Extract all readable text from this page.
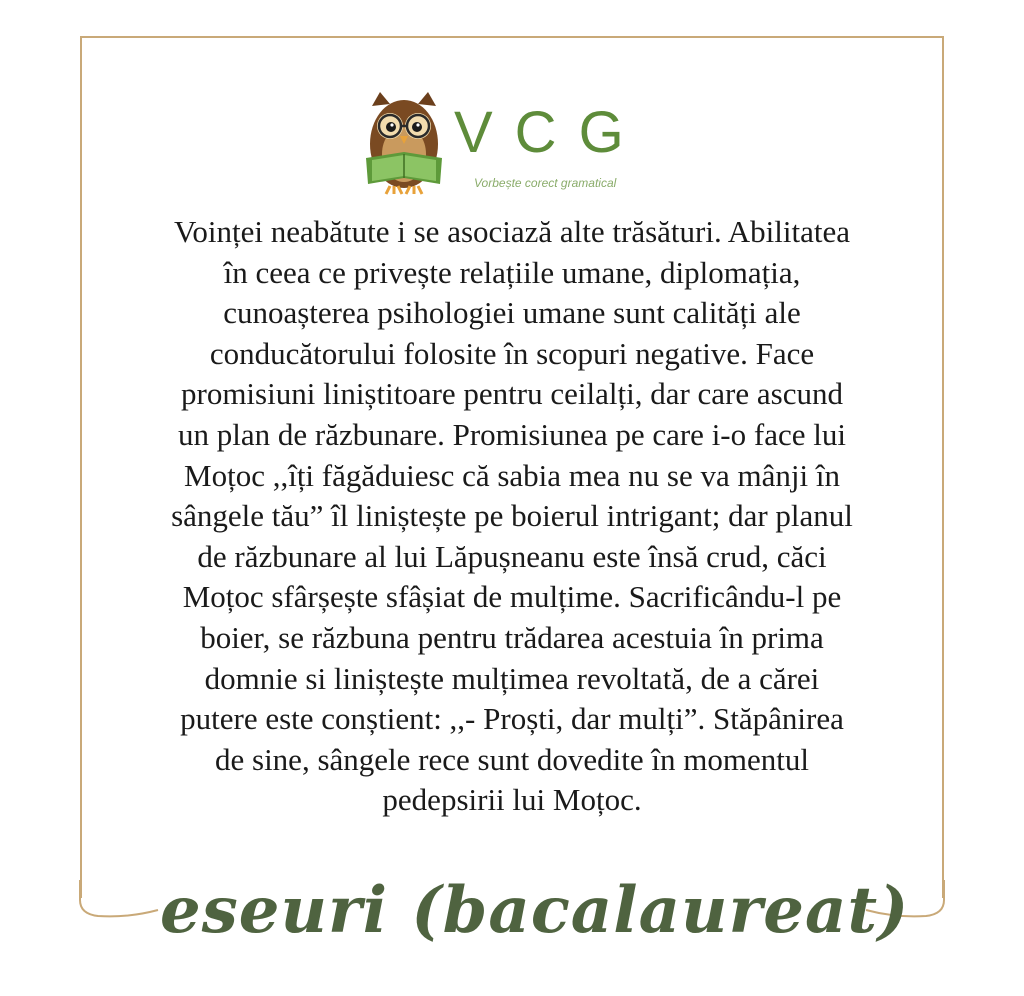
VCG
Vorbește corect gramatical
Voinței neabătute i se asociază alte trăsături. Abilitatea
în ceea ce privește relațiile umane, diplomația,
cunoașterea psihologiei umane sunt calități ale
conducătorului folosite în scopuri negative. Face
promisiuni liniștitoare pentru ceilalți, dar care ascund
un plan de răzbunare. Promisiunea pe care i-o face lui
Moțoc ,,îți făgăduiesc că sabia mea nu se va mânji în
sângele tău” îl liniștește pe boierul intrigant; dar planul
de răzbunare al lui Lăpușneanu este însă crud, căci
Moțoc sfârșește sfâșiat de mulțime. Sacrificându-l pe
boier, se răzbuna pentru trădarea acestuia în prima
domnie si liniștește mulțimea revoltată, de a cărei
putere este conștient: ,,- Proști, dar mulți”. Stăpânirea
de sine, sângele rece sunt dovedite în momentul
pedepsirii lui Moțoc.
eseuri (bacalaureat)
